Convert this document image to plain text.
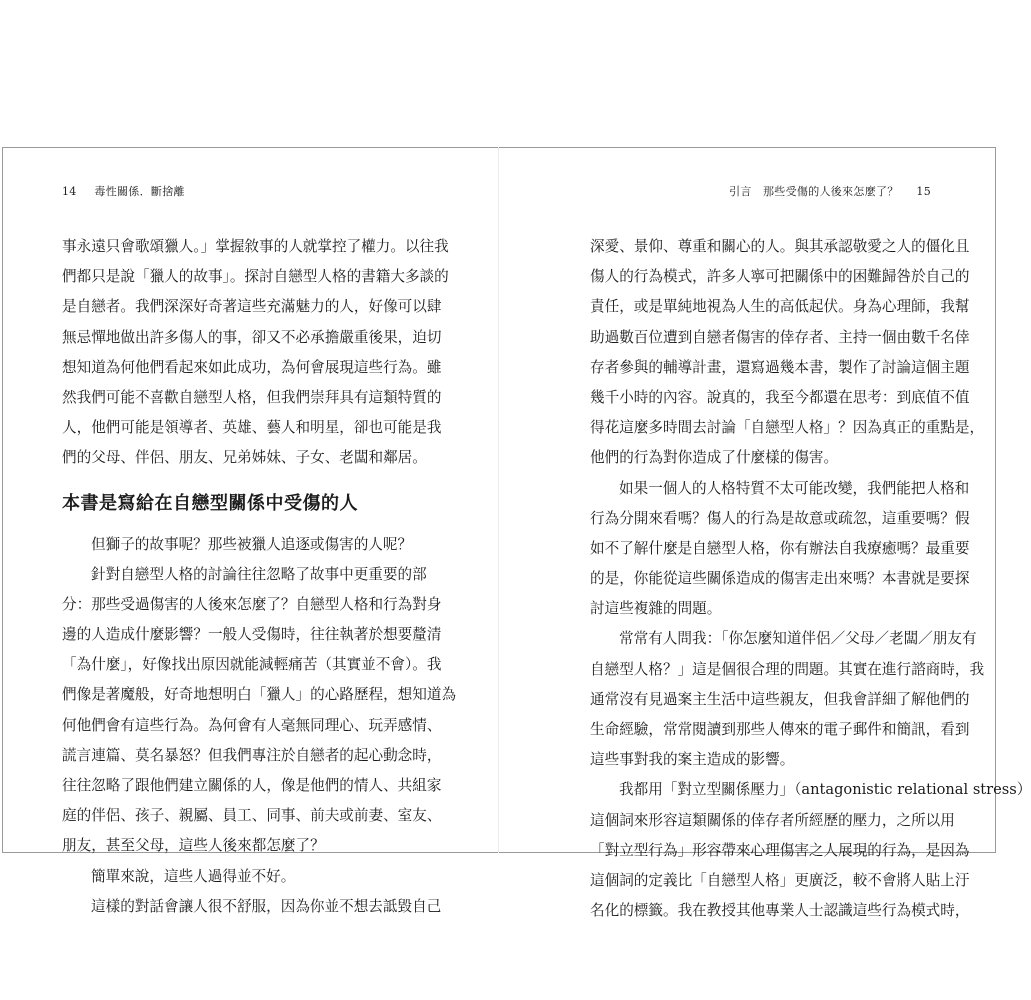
14 毒性關係．斷捨離	引言　那些受傷的人後來怎麼了？ 15
事永遠只會歌頌獵人。」掌握敘事的人就掌控了權力。以往我
們都只是說「獵人的故事」。探討自戀型人格的書籍大多談的
是自戀者。我們深深好奇著這些充滿魅力的人，好像可以肆
無忌憚地做出許多傷人的事，卻又不必承擔嚴重後果，迫切
想知道為何他們看起來如此成功，為何會展現這些行為。雖
然我們可能不喜歡自戀型人格，但我們崇拜具有這類特質的
人，他們可能是領導者、英雄、藝人和明星，卻也可能是我
們的父母、伴侶、朋友、兄弟姊妹、子女、老闆和鄰居。
本書是寫給在自戀型關係中受傷的人
但獅子的故事呢？那些被獵人追逐或傷害的人呢？
針對自戀型人格的討論往往忽略了故事中更重要的部
分：那些受過傷害的人後來怎麼了？自戀型人格和行為對身
邊的人造成什麼影響？一般人受傷時，往往執著於想要釐清
「為什麼」，好像找出原因就能減輕痛苦（其實並不會）。我
們像是著魔般，好奇地想明白「獵人」的心路歷程，想知道為
何他們會有這些行為。為何會有人毫無同理心、玩弄感情、
謊言連篇、莫名暴怒？但我們專注於自戀者的起心動念時，
往往忽略了跟他們建立關係的人，像是他們的情人、共組家
庭的伴侶、孩子、親屬、員工、同事、前夫或前妻、室友、
朋友，甚至父母，這些人後來都怎麼了？
簡單來說，這些人過得並不好。
這樣的對話會讓人很不舒服，因為你並不想去詆毀自己
深愛、景仰、尊重和關心的人。與其承認敬愛之人的僵化且
傷人的行為模式，許多人寧可把關係中的困難歸咎於自己的
責任，或是單純地視為人生的高低起伏。身為心理師，我幫
助過數百位遭到自戀者傷害的倖存者、主持一個由數千名倖
存者參與的輔導計畫，還寫過幾本書，製作了討論這個主題
幾千小時的內容。說真的，我至今都還在思考：到底值不值
得花這麼多時間去討論「自戀型人格」？因為真正的重點是，
他們的行為對你造成了什麼樣的傷害。
如果一個人的人格特質不太可能改變，我們能把人格和
行為分開來看嗎？傷人的行為是故意或疏忽，這重要嗎？假
如不了解什麼是自戀型人格，你有辦法自我療癒嗎？最重要
的是，你能從這些關係造成的傷害走出來嗎？本書就是要探
討這些複雜的問題。
常常有人問我：「你怎麼知道伴侶／父母／老闆／朋友有
自戀型人格？」這是個很合理的問題。其實在進行諮商時，我
通常沒有見過案主生活中這些親友，但我會詳細了解他們的
生命經驗，常常閱讀到那些人傳來的電子郵件和簡訊，看到
這些事對我的案主造成的影響。
我都用「對立型關係壓力」（antagonistic relational stress）
這個詞來形容這類關係的倖存者所經歷的壓力，之所以用
「對立型行為」形容帶來心理傷害之人展現的行為，是因為
這個詞的定義比「自戀型人格」更廣泛，較不會將人貼上汙
名化的標籤。我在教授其他專業人士認識這些行為模式時，
